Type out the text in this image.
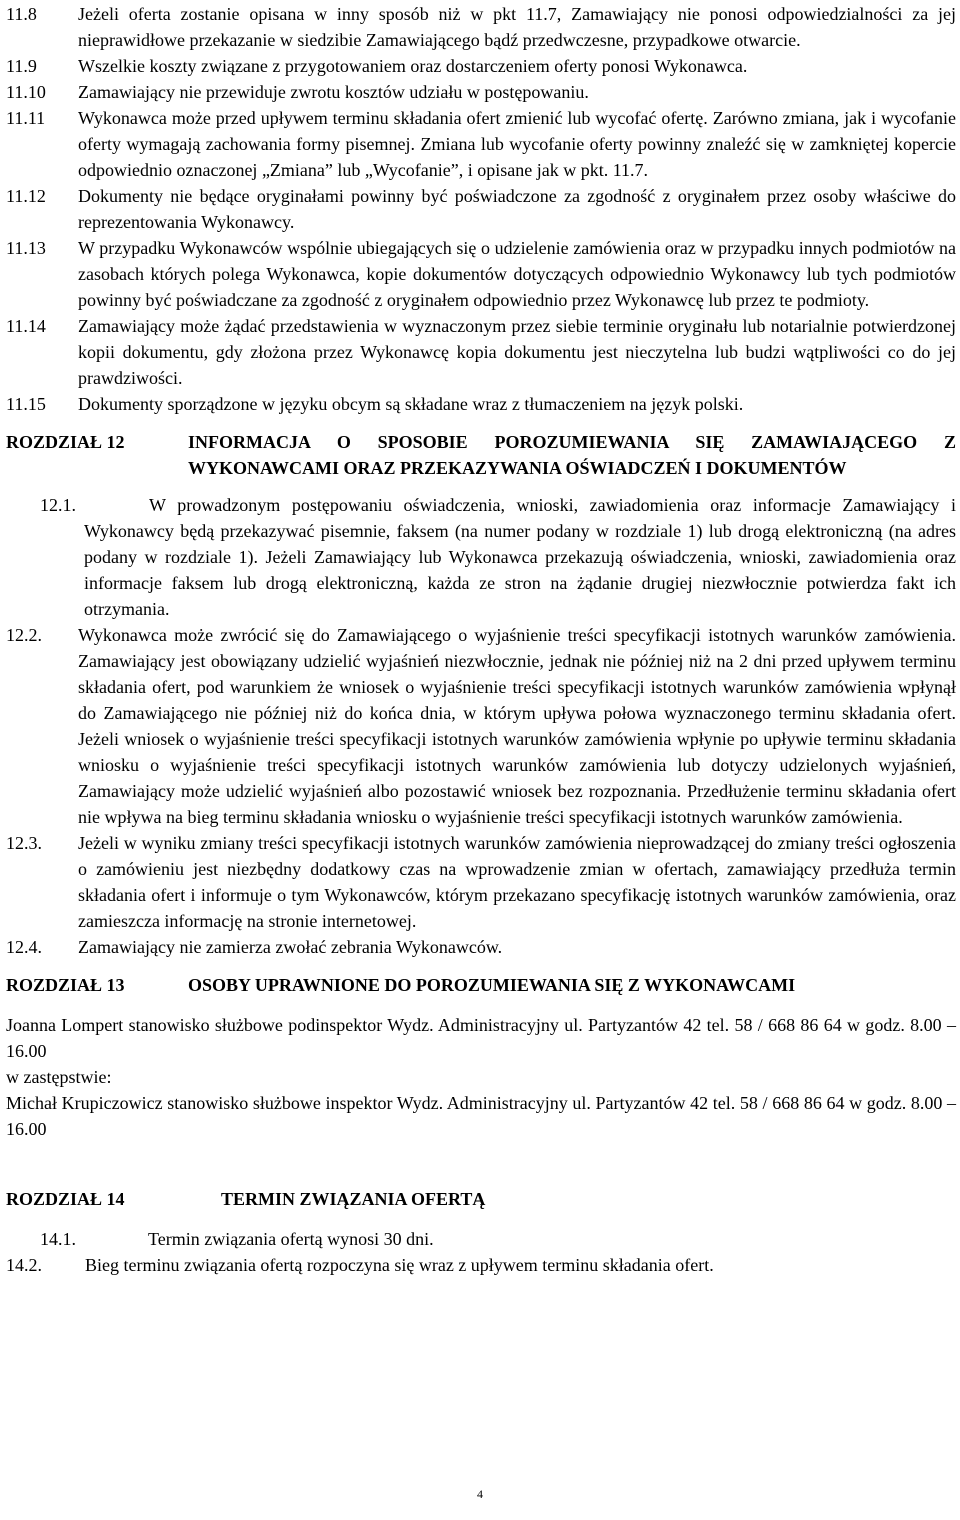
11.8	Jeżeli oferta zostanie opisana w inny sposób niż w pkt 11.7, Zamawiający nie ponosi odpowiedzialności za jej nieprawidłowe przekazanie w siedzibie Zamawiającego bądź przedwczesne, przypadkowe otwarcie.
11.9	Wszelkie koszty związane z przygotowaniem oraz dostarczeniem oferty ponosi Wykonawca.
11.10	Zamawiający nie przewiduje zwrotu kosztów udziału w postępowaniu.
11.11	Wykonawca może przed upływem terminu składania ofert zmienić lub wycofać ofertę. Zarówno zmiana, jak i wycofanie oferty wymagają zachowania formy pisemnej. Zmiana lub wycofanie oferty powinny znaleźć się w zamkniętej kopercie odpowiednio oznaczonej „Zmiana” lub „Wycofanie”, i opisane jak w pkt. 11.7.
11.12	Dokumenty nie będące oryginałami powinny być poświadczone za zgodność z oryginałem przez osoby właściwe do reprezentowania Wykonawcy.
11.13	W przypadku Wykonawców wspólnie ubiegających się o udzielenie zamówienia oraz w przypadku innych podmiotów na zasobach których polega Wykonawca, kopie dokumentów dotyczących odpowiednio Wykonawcy lub tych podmiotów powinny być poświadczane za zgodność z oryginałem odpowiednio przez Wykonawcę lub przez te podmioty.
11.14	Zamawiający może żądać przedstawienia w wyznaczonym przez siebie terminie oryginału lub notarialnie potwierdzonej kopii dokumentu, gdy złożona przez Wykonawcę kopia dokumentu jest nieczytelna lub budzi wątpliwości co do jej prawdziwości.
11.15	Dokumenty sporządzone w języku obcym są składane wraz z tłumaczeniem na język polski.
ROZDZIAŁ 12	INFORMACJA O SPOSOBIE POROZUMIEWANIA SIĘ ZAMAWIAJĄCEGO Z WYKONAWCAMI ORAZ PRZEKAZYWANIA OŚWIADCZEŃ I DOKUMENTÓW
12.1.	W prowadzonym postępowaniu oświadczenia, wnioski, zawiadomienia oraz informacje Zamawiający i Wykonawcy będą przekazywać pisemnie, faksem (na numer podany w rozdziale 1) lub drogą elektroniczną (na adres podany w rozdziale 1). Jeżeli Zamawiający lub Wykonawca przekazują oświadczenia, wnioski, zawiadomienia oraz informacje faksem lub drogą elektroniczną, każda ze stron na żądanie drugiej niezwłocznie potwierdza fakt ich otrzymania.
12.2.	Wykonawca może zwrócić się do Zamawiającego o wyjaśnienie treści specyfikacji istotnych warunków zamówienia. Zamawiający jest obowiązany udzielić wyjaśnień niezwłocznie, jednak nie później niż na 2 dni przed upływem terminu składania ofert, pod warunkiem że wniosek o wyjaśnienie treści specyfikacji istotnych warunków zamówienia wpłynął do Zamawiającego nie później niż do końca dnia, w którym upływa połowa wyznaczonego terminu składania ofert. Jeżeli wniosek o wyjaśnienie treści specyfikacji istotnych warunków zamówienia wpłynie po upływie terminu składania wniosku o wyjaśnienie treści specyfikacji istotnych warunków zamówienia lub dotyczy udzielonych wyjaśnień, Zamawiający może udzielić wyjaśnień albo pozostawić wniosek bez rozpoznania. Przedłużenie terminu składania ofert nie wpływa na bieg terminu składania wniosku o wyjaśnienie treści specyfikacji istotnych warunków zamówienia.
12.3.	Jeżeli w wyniku zmiany treści specyfikacji istotnych warunków zamówienia nieprowadzącej do zmiany treści ogłoszenia o zamówieniu jest niezbędny dodatkowy czas na wprowadzenie zmian w ofertach, zamawiający przedłuża termin składania ofert i informuje o tym Wykonawców, którym przekazano specyfikację istotnych warunków zamówienia, oraz zamieszcza informację na stronie internetowej.
12.4.	Zamawiający nie zamierza zwołać zebrania Wykonawców.
ROZDZIAŁ 13	OSOBY UPRAWNIONE DO POROZUMIEWANIA SIĘ Z WYKONAWCAMI
Joanna Lompert stanowisko służbowe podinspektor Wydz. Administracyjny ul. Partyzantów 42 tel. 58 / 668 86 64 w godz. 8.00 – 16.00
w zastępstwie:
Michał Krupiczowicz stanowisko służbowe inspektor Wydz. Administracyjny ul. Partyzantów 42 tel. 58 / 668 86 64 w godz. 8.00 – 16.00
ROZDZIAŁ 14	TERMIN ZWIĄZANIA OFERTĄ
14.1.	Termin związania ofertą wynosi 30 dni.
14.2.	Bieg terminu związania ofertą rozpoczyna się wraz z upływem terminu składania ofert.
4
